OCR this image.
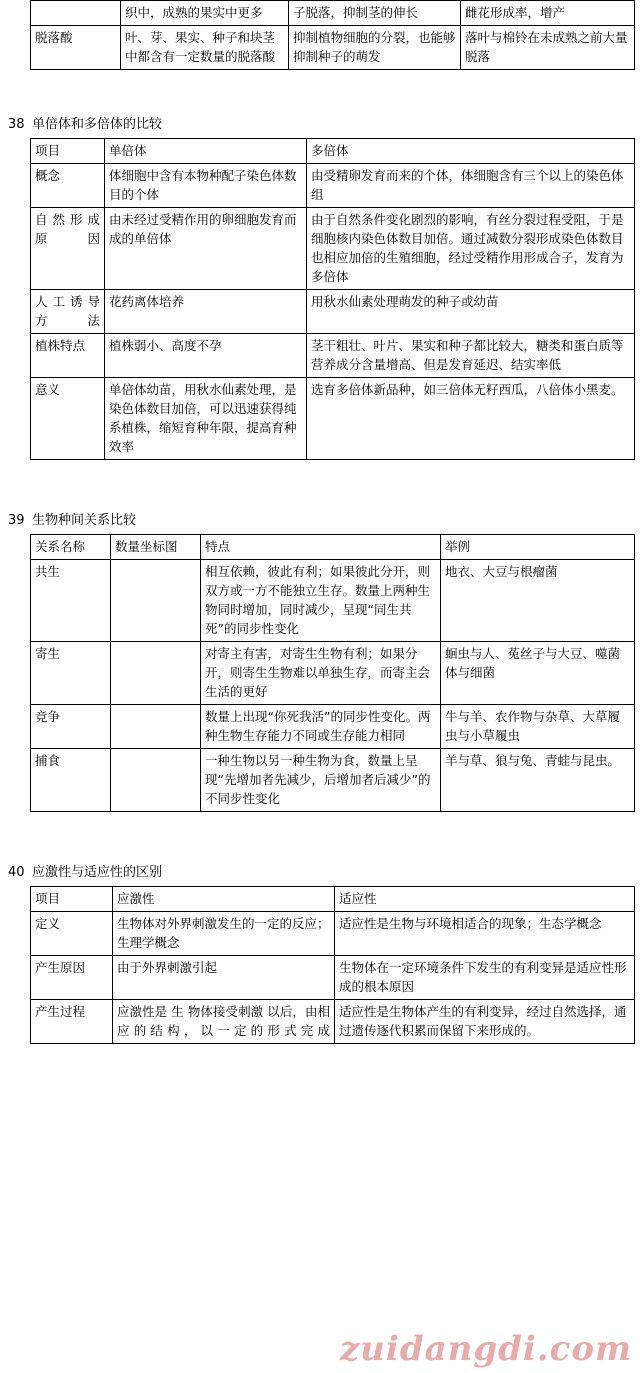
	织中，成熟的果实中更多	子脱落，抑制茎的伸长	雌花形成率，增产
脱落酸	叶、芽、果实、种子和块茎中都含有一定数量的脱落酸	抑制植物细胞的分裂，也能够抑制种子的萌发	落叶与棉铃在未成熟之前大量脱落
38 单倍体和多倍体的比较
项目	单倍体	多倍体
概念	体细胞中含有本物种配子染色体数目的个体	由受精卵发育而来的个体，体细胞含有三个以上的染色体组
自 然 形 成原因	由未经过受精作用的卵细胞发育而成的单倍体	由于自然条件变化剧烈的影响，有丝分裂过程受阻，于是细胞核内染色体数目加倍。通过减数分裂形成染色体数目也相应加倍的生殖细胞，经过受精作用形成合子，发育为多倍体
人 工 诱 导方法	花药离体培养	用秋水仙素处理萌发的种子或幼苗
植株特点	植株弱小、高度不孕	茎干粗壮、叶片、果实和种子都比较大，糖类和蛋白质等营养成分含量增高、但是发育延迟、结实率低
意义	单倍体幼苗，用秋水仙素处理，是染色体数目加倍，可以迅速获得纯系植株，缩短育种年限，提高育种效率	选育多倍体新品种，如三倍体无籽西瓜，八倍体小黑麦。
39 生物种间关系比较
关系名称	数量坐标图	特点	举例
共生		相互依赖，彼此有利；如果彼此分开，则双方或一方不能独立生存。数量上两种生物同时增加，同时减少，呈现“同生共死”的同步性变化	地衣、大豆与根瘤菌
寄生		对寄主有害，对寄生生物有利；如果分开，则寄生生物难以单独生存，而寄主会生活的更好	蛔虫与人、菟丝子与大豆、噬菌体与细菌
竞争		数量上出现“你死我活”的同步性变化。两种生物生存能力不同或生存能力相同	牛与羊、农作物与杂草、大草履虫与小草履虫
捕食		一种生物以另一种生物为食，数量上呈现“先增加者先减少，后增加者后减少”的不同步性变化	羊与草、狼与兔、青蛙与昆虫。
40 应激性与适应性的区别
项目	应激性	适应性
定义	生物体对外界刺激发生的一定的反应；生理学概念	适应性是生物与环境相适合的现象；生态学概念
产生原因	由于外界刺激引起	生物体在一定环境条件下发生的有利变异是适应性形成的根本原因
产生过程	应激性是 生 物体接受刺激 以后，由相应的结构，以一定的形式完成	适应性是生物体产生的有利变异，经过自然选择，通过遗传逐代积累而保留下来形成的。
zuidangdi.com
